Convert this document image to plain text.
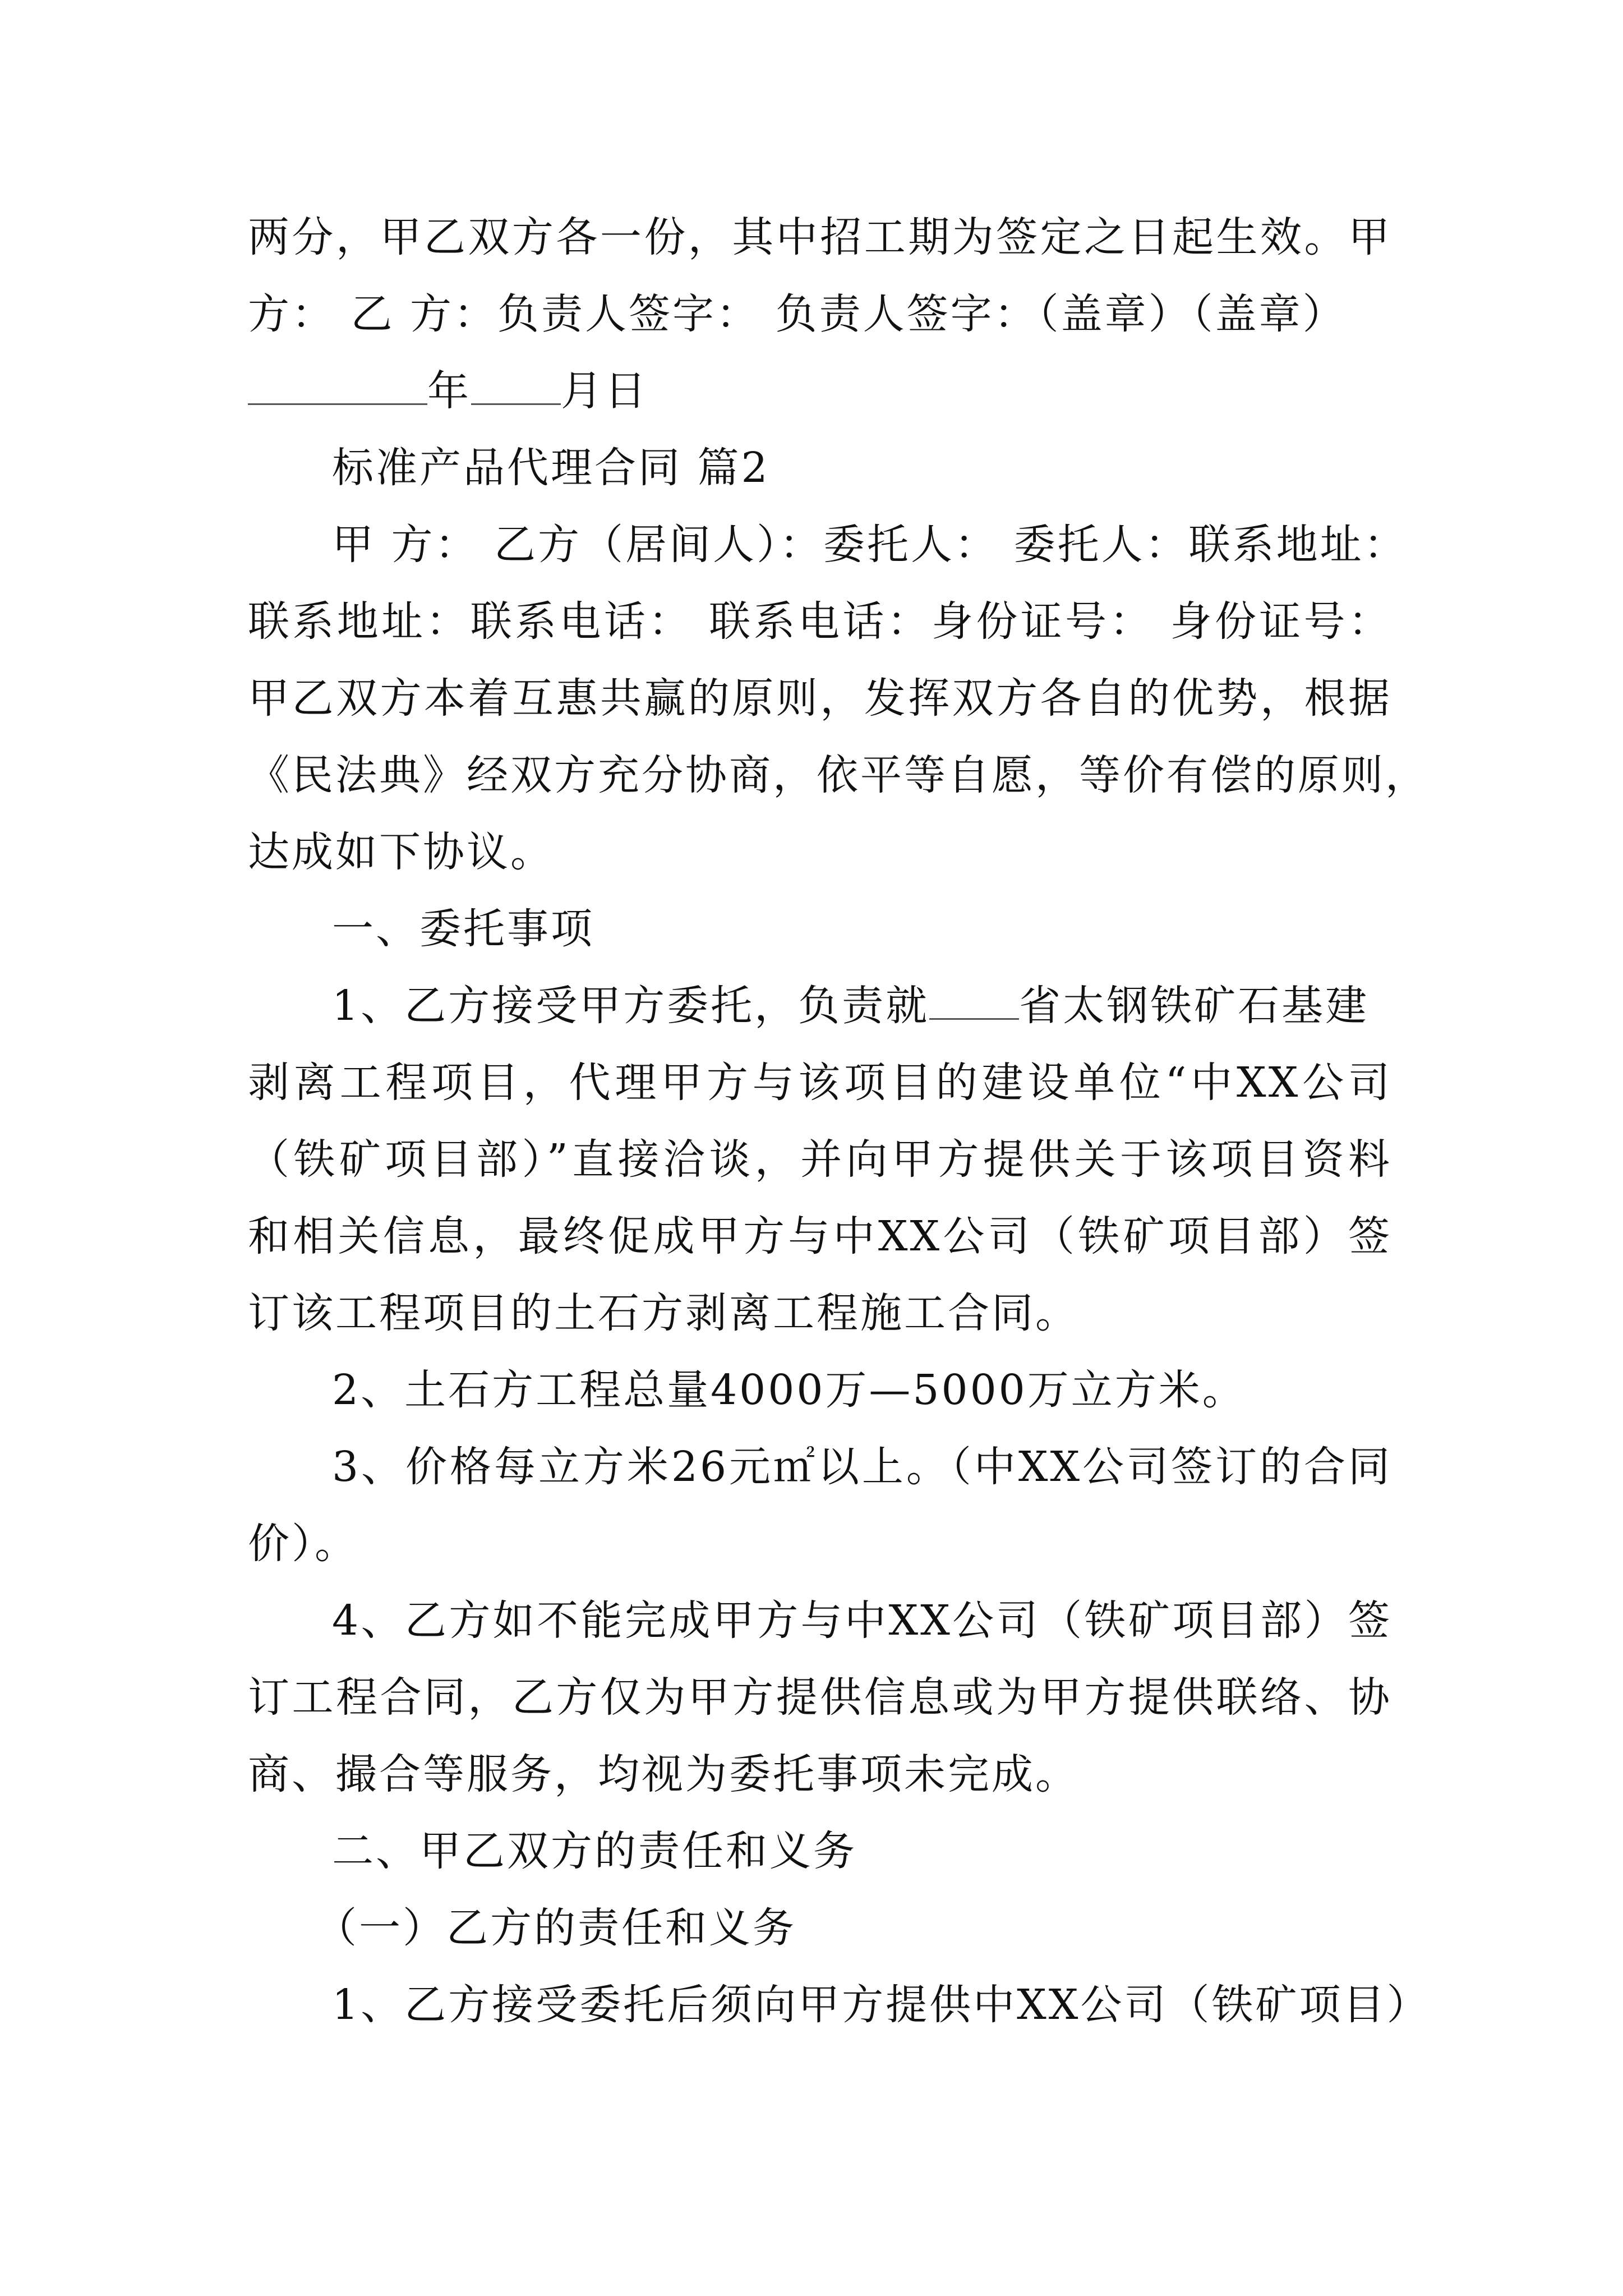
两分，甲乙双方各一份，其中招工期为签定之日起生效。甲
方： 乙 方：负责人签字： 负责人签字：（盖章）（盖章）
年 月日
标准产品代理合同 篇2
甲 方： 乙方（居间人）：委托人： 委托人：联系地址：
联系地址：联系电话： 联系电话：身份证号： 身份证号：
甲乙双方本着互惠共赢的原则，发挥双方各自的优势，根据
《民法典》经双方充分协商，依平等自愿，等价有偿的原则，
达成如下协议。
一、委托事项
1、乙方接受甲方委托，负责就 省太钢铁矿石基建
剥离工程项目，代理甲方与该项目的建设单位“中XX公司
（铁矿项目部）”直接洽谈，并向甲方提供关于该项目资料
和相关信息，最终促成甲方与中XX公司（铁矿项目部）签
订该工程项目的土石方剥离工程施工合同。
2、土石方工程总量4000万—5000万立方米。
3、价格每立方米26元㎡以上。（中XX公司签订的合同
价）。
4、乙方如不能完成甲方与中XX公司（铁矿项目部）签
订工程合同，乙方仅为甲方提供信息或为甲方提供联络、协
商、撮合等服务，均视为委托事项未完成。
二、甲乙双方的责任和义务
（一）乙方的责任和义务
1、乙方接受委托后须向甲方提供中XX公司（铁矿项目）
